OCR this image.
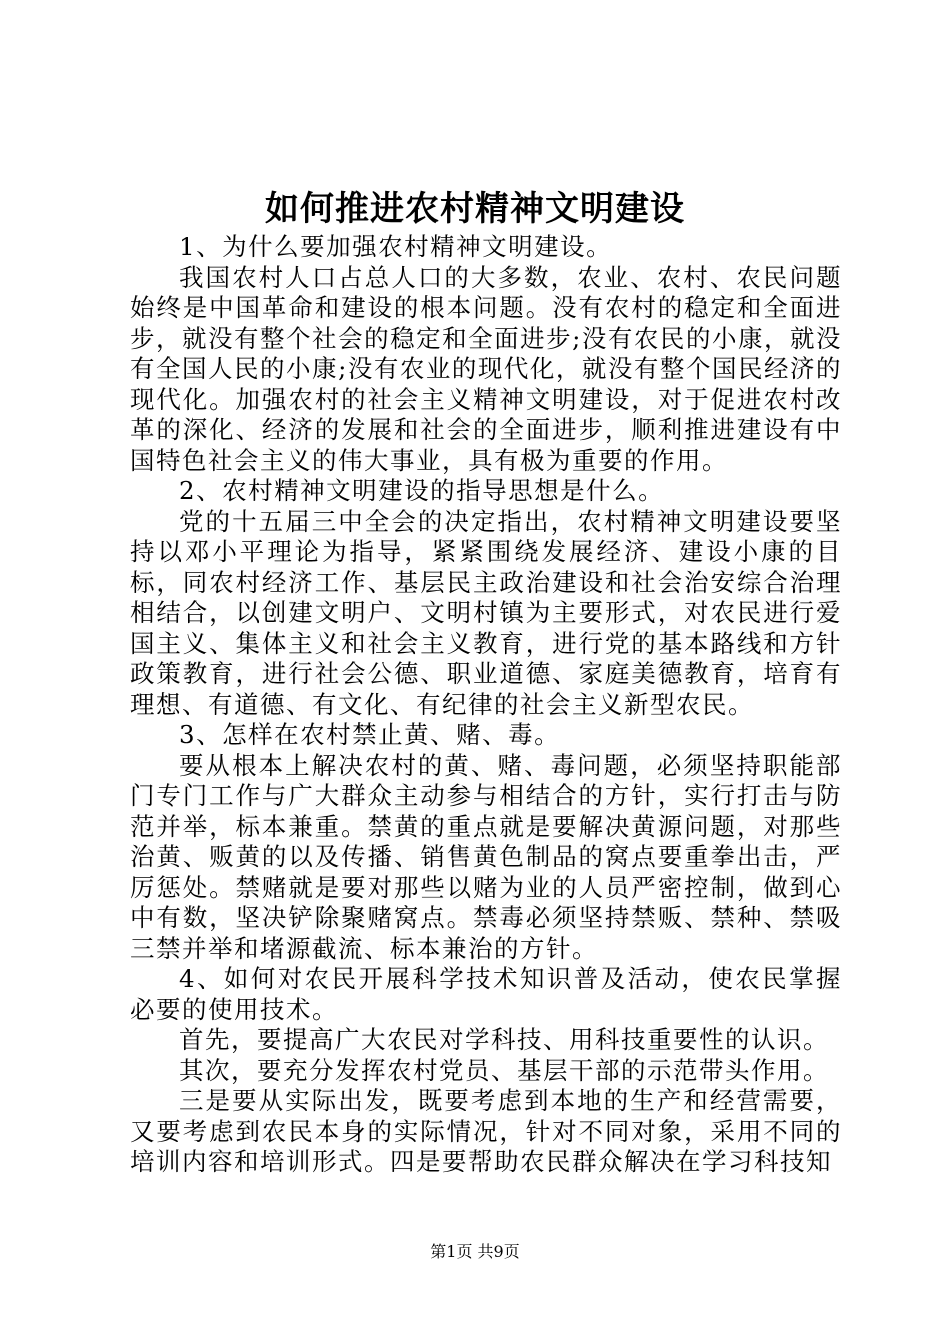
如何推进农村精神文明建设

1、为什么要加强农村精神文明建设。

我国农村人口占总人口的大多数，农业、农村、农民问题始终是中国革命和建设的根本问题。没有农村的稳定和全面进步，就没有整个社会的稳定和全面进步;没有农民的小康，就没有全国人民的小康;没有农业的现代化，就没有整个国民经济的现代化。加强农村的社会主义精神文明建设，对于促进农村改革的深化、经济的发展和社会的全面进步，顺利推进建设有中国特色社会主义的伟大事业，具有极为重要的作用。

2、农村精神文明建设的指导思想是什么。

党的十五届三中全会的决定指出，农村精神文明建设要坚持以邓小平理论为指导，紧紧围绕发展经济、建设小康的目标，同农村经济工作、基层民主政治建设和社会治安综合治理相结合，以创建文明户、文明村镇为主要形式，对农民进行爱国主义、集体主义和社会主义教育，进行党的基本路线和方针政策教育，进行社会公德、职业道德、家庭美德教育，培育有理想、有道德、有文化、有纪律的社会主义新型农民。

3、怎样在农村禁止黄、赌、毒。

要从根本上解决农村的黄、赌、毒问题，必须坚持职能部门专门工作与广大群众主动参与相结合的方针，实行打击与防范并举，标本兼重。禁黄的重点就是要解决黄源问题，对那些治黄、贩黄的以及传播、销售黄色制品的窝点要重拳出击，严厉惩处。禁赌就是要对那些以赌为业的人员严密控制，做到心中有数，坚决铲除聚赌窝点。禁毒必须坚持禁贩、禁种、禁吸三禁并举和堵源截流、标本兼治的方针。

4、如何对农民开展科学技术知识普及活动，使农民掌握必要的使用技术。

首先，要提高广大农民对学科技、用科技重要性的认识。

其次，要充分发挥农村党员、基层干部的示范带头作用。

三是要从实际出发，既要考虑到本地的生产和经营需要，又要考虑到农民本身的实际情况，针对不同对象，采用不同的培训内容和培训形式。四是要帮助农民群众解决在学习科技知

第1页 共9页
